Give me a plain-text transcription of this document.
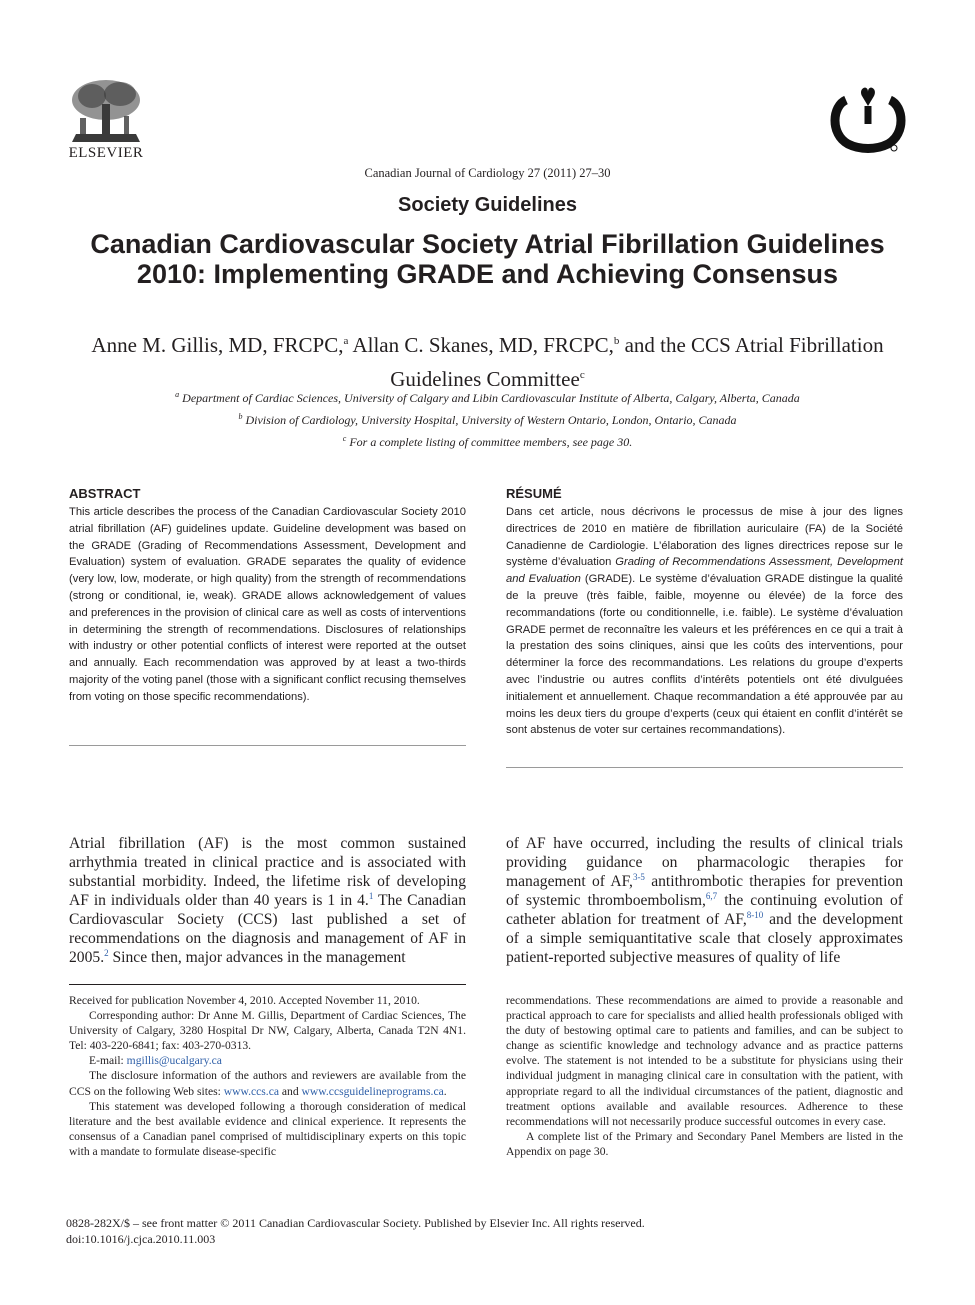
ELSEVIER
Canadian Journal of Cardiology 27 (2011) 27–30
Society Guidelines
Canadian Cardiovascular Society Atrial Fibrillation Guidelines 2010: Implementing GRADE and Achieving Consensus
Anne M. Gillis, MD, FRCPC,$^a$ Allan C. Skanes, MD, FRCPC,$^b$ and the CCS Atrial Fibrillation Guidelines Committee$^c$
$^a$ Department of Cardiac Sciences, University of Calgary and Libin Cardiovascular Institute of Alberta, Calgary, Alberta, Canada
$^b$ Division of Cardiology, University Hospital, University of Western Ontario, London, Ontario, Canada
$^c$ For a complete listing of committee members, see page 30.
ABSTRACT
This article describes the process of the Canadian Cardiovascular Society 2010 atrial fibrillation (AF) guidelines update. Guideline development was based on the GRADE (Grading of Recommendations Assessment, Development and Evaluation) system of evaluation. GRADE separates the quality of evidence (very low, low, moderate, or high quality) from the strength of recommendations (strong or conditional, ie, weak). GRADE allows acknowledgement of values and preferences in the provision of clinical care as well as costs of interventions in determining the strength of recommendations. Disclosures of relationships with industry or other potential conflicts of interest were reported at the outset and annually. Each recommendation was approved by at least a two-thirds majority of the voting panel (those with a significant conflict recusing themselves from voting on those specific recommendations).
RÉSUMÉ
Dans cet article, nous décrivons le processus de mise à jour des lignes directrices de 2010 en matière de fibrillation auriculaire (FA) de la Société Canadienne de Cardiologie. L’élaboration des lignes directrices repose sur le système d’évaluation Grading of Recommendations Assessment, Development and Evaluation (GRADE). Le système d’évaluation GRADE distingue la qualité de la preuve (très faible, faible, moyenne ou élevée) de la force des recommandations (forte ou conditionnelle, i.e. faible). Le système d’évaluation GRADE permet de reconnaître les valeurs et les préférences en ce qui a trait à la prestation des soins cliniques, ainsi que les coûts des interventions, pour déterminer la force des recommandations. Les relations du groupe d’experts avec l’industrie ou autres conflits d’intérêts potentiels ont été divulguées initialement et annuellement. Chaque recommandation a été approuvée par au moins les deux tiers du groupe d’experts (ceux qui étaient en conflit d’intérêt se sont abstenus de voter sur certaines recommandations).
Atrial fibrillation (AF) is the most common sustained arrhythmia treated in clinical practice and is associated with substantial morbidity. Indeed, the lifetime risk of developing AF in individuals older than 40 years is 1 in 4.$^1$ The Canadian Cardiovascular Society (CCS) last published a set of recommendations on the diagnosis and management of AF in 2005.$^2$ Since then, major advances in the management
of AF have occurred, including the results of clinical trials providing guidance on pharmacologic therapies for management of AF,$^{3-5}$ antithrombotic therapies for prevention of systemic thromboembolism,$^{6,7}$ the continuing evolution of catheter ablation for treatment of AF,$^{8-10}$ and the development of a simple semiquantitative scale that closely approximates patient-reported subjective measures of quality of life

Received for publication November 4, 2010. Accepted November 11, 2010.

Corresponding author: Dr Anne M. Gillis, Department of Cardiac Sciences, The University of Calgary, 3280 Hospital Dr NW, Calgary, Alberta, Canada T2N 4N1. Tel: 403-220-6841; fax: 403-270-0313.

E-mail: mgillis@ucalgary.ca

The disclosure information of the authors and reviewers are available from the CCS on the following Web sites: www.ccs.ca and www.ccsguidelineprograms.ca.

This statement was developed following a thorough consideration of medical literature and the best available evidence and clinical experience. It represents the consensus of a Canadian panel comprised of multidisciplinary experts on this topic with a mandate to formulate disease-specific

recommendations. These recommendations are aimed to provide a reasonable and practical approach to care for specialists and allied health professionals obliged with the duty of bestowing optimal care to patients and families, and can be subject to change as scientific knowledge and technology advance and as practice patterns evolve. The statement is not intended to be a substitute for physicians using their individual judgment in managing clinical care in consultation with the patient, with appropriate regard to all the individual circumstances of the patient, diagnostic and treatment options available and available resources. Adherence to these recommendations will not necessarily produce successful outcomes in every case.

A complete list of the Primary and Secondary Panel Members are listed in the Appendix on page 30.

0828-282X/$ – see front matter © 2011 Canadian Cardiovascular Society. Published by Elsevier Inc. All rights reserved.
doi:10.1016/j.cjca.2010.11.003
